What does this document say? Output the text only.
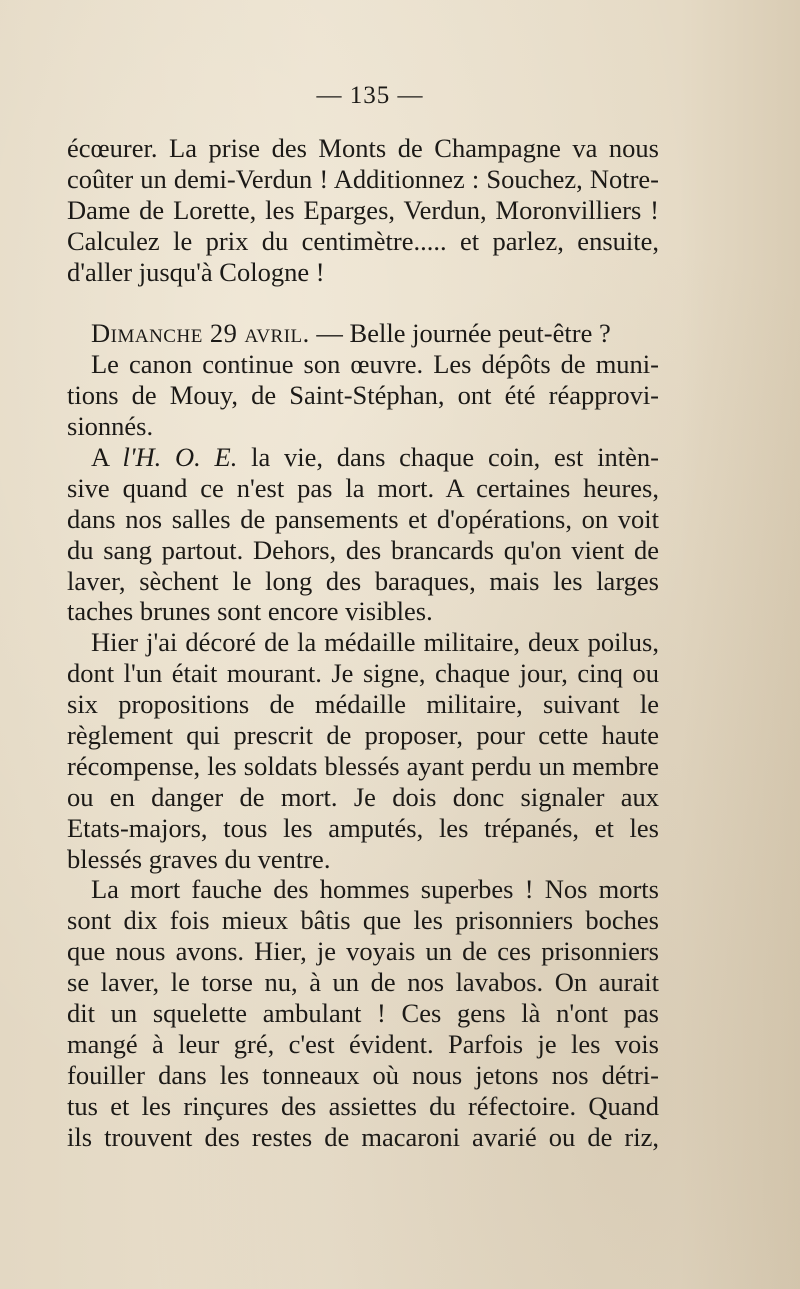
— 135 —
écœurer. La prise des Monts de Champagne va nous
coûter un demi-Verdun ! Additionnez : Souchez, Notre-
Dame de Lorette, les Eparges, Verdun, Moronvilliers !
Calculez le prix du centimètre..... et parlez, ensuite,
d'aller jusqu'à Cologne !
Dimanche 29 avril. — Belle journée peut-être ?
Le canon continue son œuvre. Les dépôts de muni-
tions de Mouy, de Saint-Stéphan, ont été réapprovi-
sionnés.
A l'H. O. E. la vie, dans chaque coin, est intèn-
sive quand ce n'est pas la mort. A certaines heures,
dans nos salles de pansements et d'opérations, on voit
du sang partout. Dehors, des brancards qu'on vient de
laver, sèchent le long des baraques, mais les larges
taches brunes sont encore visibles.
Hier j'ai décoré de la médaille militaire, deux poilus,
dont l'un était mourant. Je signe, chaque jour, cinq ou
six propositions de médaille militaire, suivant le
règlement qui prescrit de proposer, pour cette haute
récompense, les soldats blessés ayant perdu un membre
ou en danger de mort. Je dois donc signaler aux
Etats-majors, tous les amputés, les trépanés, et les
blessés graves du ventre.
La mort fauche des hommes superbes ! Nos morts
sont dix fois mieux bâtis que les prisonniers boches
que nous avons. Hier, je voyais un de ces prisonniers
se laver, le torse nu, à un de nos lavabos. On aurait
dit un squelette ambulant ! Ces gens là n'ont pas
mangé à leur gré, c'est évident. Parfois je les vois
fouiller dans les tonneaux où nous jetons nos détri-
tus et les rinçures des assiettes du réfectoire. Quand
ils trouvent des restes de macaroni avarié ou de riz,
